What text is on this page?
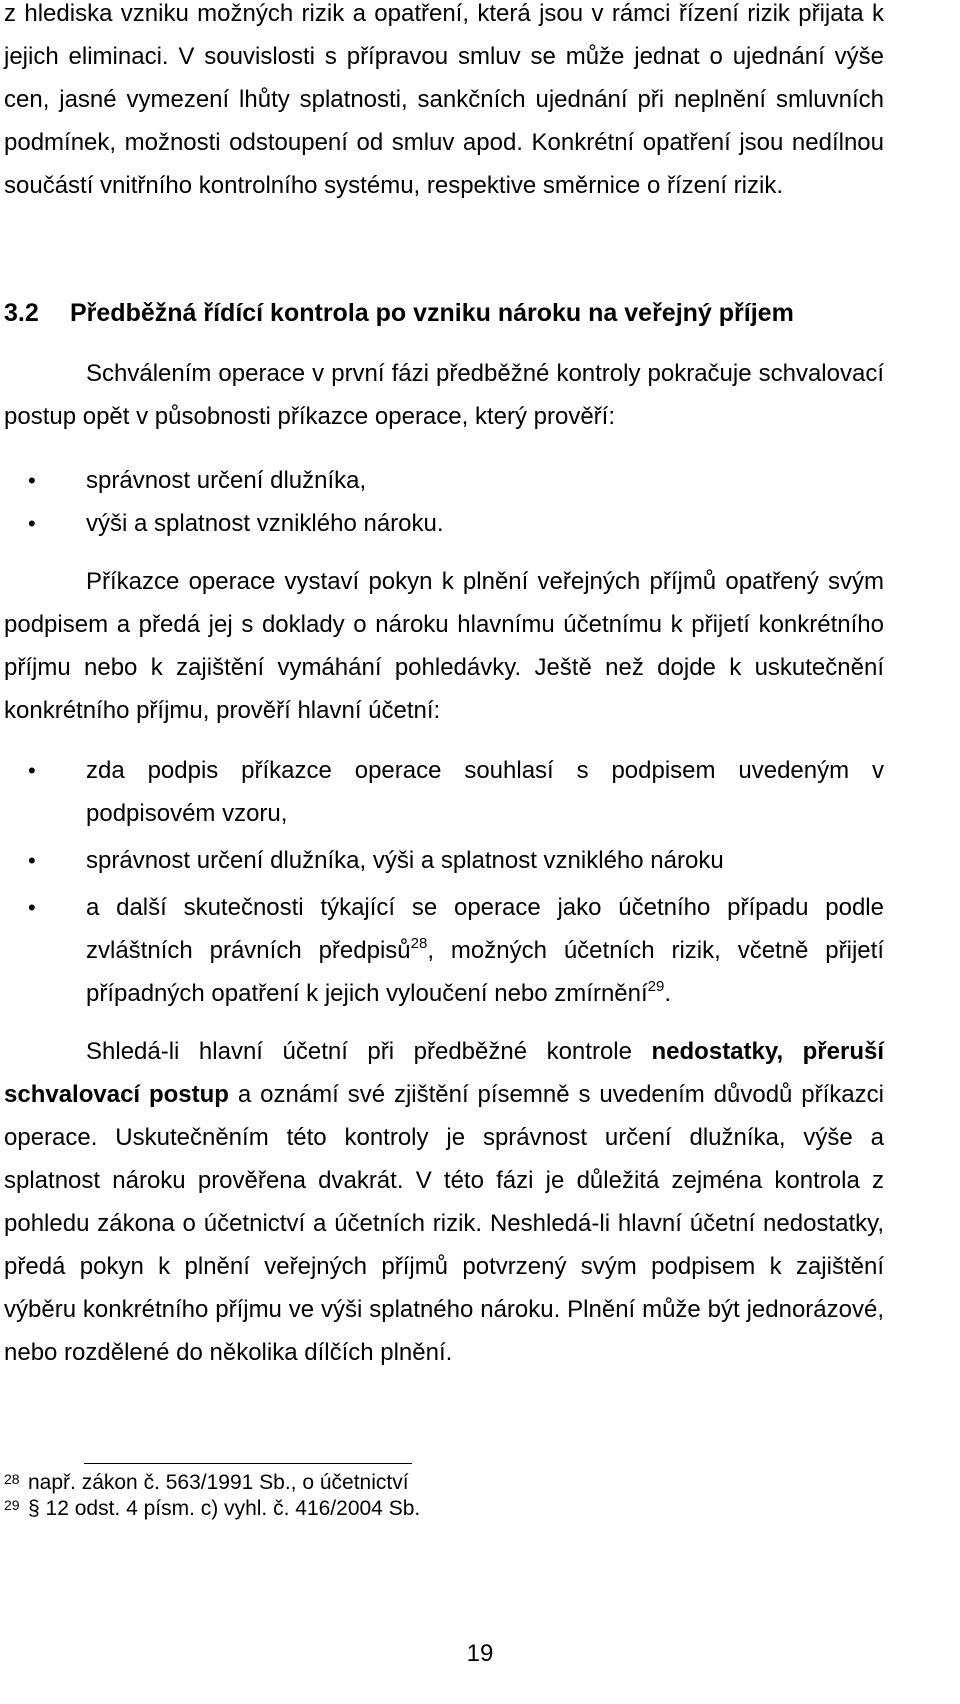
z hlediska vzniku možných rizik a opatření, která jsou v rámci řízení rizik přijata k jejich eliminaci. V souvislosti s přípravou smluv se může jednat o ujednání výše cen, jasné vymezení lhůty splatnosti, sankčních ujednání při neplnění smluvních podmínek, možnosti odstoupení od smluv apod. Konkrétní opatření jsou nedílnou součástí vnitřního kontrolního systému, respektive směrnice o řízení rizik.

3.2 Předběžná řídící kontrola po vzniku nároku na veřejný příjem

Schválením operace v první fázi předběžné kontroly pokračuje schvalovací postup opět v působnosti příkazce operace, který prověří:

• správnost určení dlužníka,
• výši a splatnost vzniklého nároku.

Příkazce operace vystaví pokyn k plnění veřejných příjmů opatřený svým podpisem a předá jej s doklady o nároku hlavnímu účetnímu k přijetí konkrétního příjmu nebo k zajištění vymáhání pohledávky. Ještě než dojde k uskutečnění konkrétního příjmu, prověří hlavní účetní:

• zda podpis příkazce operace souhlasí s podpisem uvedeným v podpisovém vzoru,
• správnost určení dlužníka, výši a splatnost vzniklého nároku
• a další skutečnosti týkající se operace jako účetního případu podle zvláštních právních předpisů$^{28}$, možných účetních rizik, včetně přijetí případných opatření k jejich vyloučení nebo zmírnění$^{29}$.

Shledá-li hlavní účetní při předběžné kontrole nedostatky, přeruší schvalovací postup a oznámí své zjištění písemně s uvedením důvodů příkazci operace. Uskutečněním této kontroly je správnost určení dlužníka, výše a splatnost nároku prověřena dvakrát. V této fázi je důležitá zejména kontrola z pohledu zákona o účetnictví a účetních rizik. Neshledá-li hlavní účetní nedostatky, předá pokyn k plnění veřejných příjmů potvrzený svým podpisem k zajištění výběru konkrétního příjmu ve výši splatného nároku. Plnění může být jednorázové, nebo rozdělené do několika dílčích plnění.

28 např. zákon č. 563/1991 Sb., o účetnictví
29 § 12 odst. 4 písm. c) vyhl. č. 416/2004 Sb.
19
